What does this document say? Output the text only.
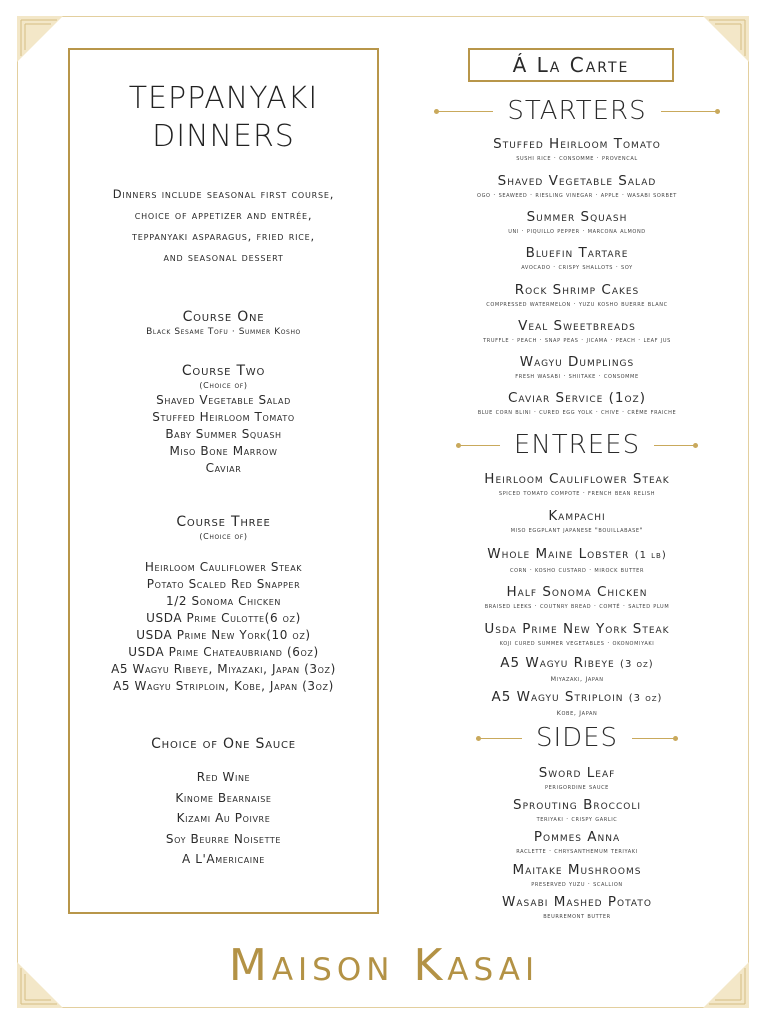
TEPPANYAKI
DINNERS
Dinners include seasonal first course,
choice of appetizer and entrée,
teppanyaki asparagus, fried rice,
and seasonal dessert
Course One
Black Sesame Tofu · Summer Kosho
Course Two
(Choice of)
Shaved Vegetable Salad
Stuffed Heirloom Tomato
Baby Summer Squash
Miso Bone Marrow
Caviar
Course Three
(Choice of)
Heirloom Cauliflower Steak
Potato Scaled Red Snapper
1/2 Sonoma Chicken
USDA Prime Culotte(6 oz)
USDA Prime New York(10 oz)
USDA Prime Chateaubriand (6oz)
A5 Wagyu Ribeye, Miyazaki, Japan (3oz)
A5 Wagyu Striploin, Kobe, Japan (3oz)
Choice of One Sauce
Red Wine
Kinome Bearnaise
Kizami Au Poivre
Soy Beurre Noisette
A L'Americaine
Á La Carte
STARTERS
Stuffed Heirloom Tomato
sushi rice · consomme · provencal
Shaved Vegetable Salad
ogo · seaweed · riesling vinegar · apple · wasabi sorbet
Summer Squash
uni · piquillo pepper · marcona almond
Bluefin Tartare
avocado · crispy shallots · soy
Rock Shrimp Cakes
compressed watermelon · yuzu kosho buerre blanc
Veal Sweetbreads
truffle · peach · snap peas · jicama · peach · leaf jus
Wagyu Dumplings
fresh wasabi · shiitake · consomme
Caviar Service (1oz)
blue corn blini · cured egg yolk · chive · crème fraiche
ENTREES
Heirloom Cauliflower Steak
spiced tomato compote · french bean relish
Kampachi
miso eggplant japanese "bouillabase"
Whole Maine Lobster (1 lb)
corn · kosho custard · mirock butter
Half Sonoma Chicken
braised leeks · coutnry bread · comté · salted plum
Usda Prime New York Steak
koji cured summer vegetables · okonomiyaki
A5 Wagyu Ribeye (3 oz)
Miyazaki, Japan
A5 Wagyu Striploin (3 oz)
Kobe, Japan
SIDES
Sword Leaf
perigordine sauce
Sprouting Broccoli
teriyaki · crispy garlic
Pommes Anna
raclette · chrysanthemum teriyaki
Maitake Mushrooms
preserved yuzu · scallion
Wasabi Mashed Potato
beurremont butter
Maison Kasai
